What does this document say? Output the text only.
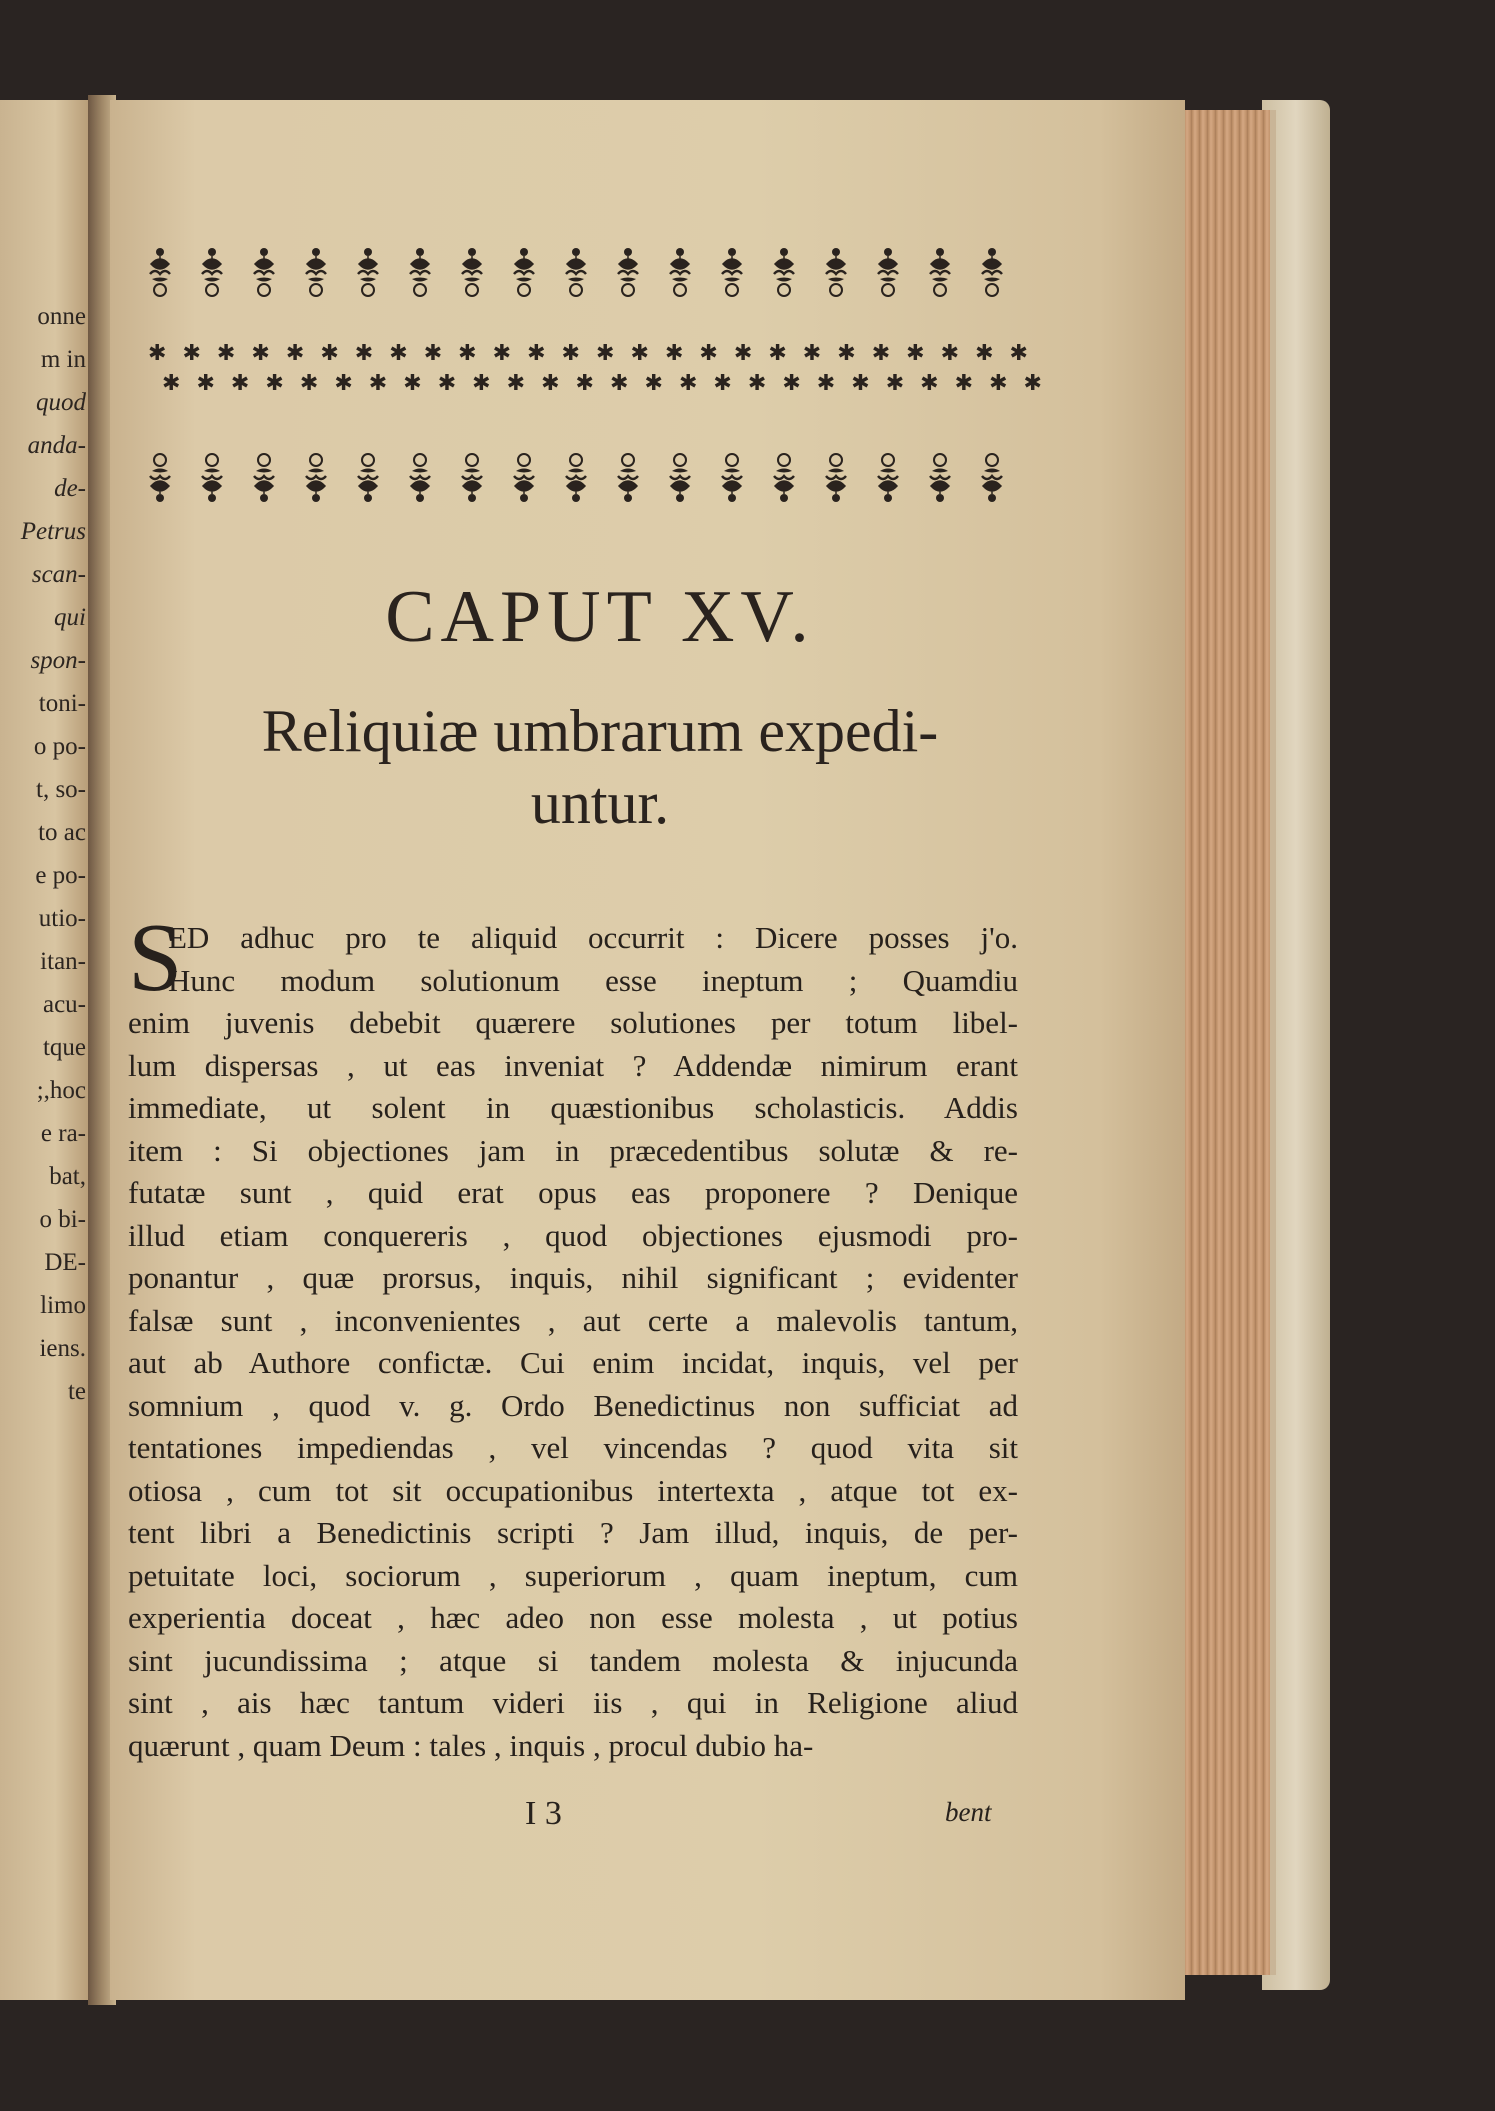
onne
m in
quod
anda-
de-
Petrus
scan-
qui
spon-
toni-
o po-
t, so-
to ac
e po-
utio-
itan-
acu-
tque
;,hoc
e ra-
bat,
o bi-
DE-
limo
iens.
te
✱ ✱ ✱ ✱ ✱ ✱ ✱ ✱ ✱ ✱ ✱ ✱ ✱ ✱ ✱ ✱ ✱ ✱ ✱ ✱ ✱ ✱ ✱ ✱ ✱ ✱
✱ ✱ ✱ ✱ ✱ ✱ ✱ ✱ ✱ ✱ ✱ ✱ ✱ ✱ ✱ ✱ ✱ ✱ ✱ ✱ ✱ ✱ ✱ ✱ ✱ ✱
CAPUT XV.
Reliquiæ umbrarum expedi-
untur.
S
ED adhuc pro te aliquid occurrit : Dicere posses j'o.
Hunc modum solutionum esse ineptum ; Quamdiu
enim juvenis debebit quærere solutiones per totum libel-
lum dispersas , ut eas inveniat ? Addendæ nimirum erant
immediate, ut solent in quæstionibus scholasticis. Addis
item : Si objectiones jam in præcedentibus solutæ & re-
futatæ sunt , quid erat opus eas proponere ? Denique
illud etiam conquereris , quod objectiones ejusmodi pro-
ponantur , quæ prorsus, inquis, nihil significant ; evidenter
falsæ sunt , inconvenientes , aut certe a malevolis tantum,
aut ab Authore confictæ. Cui enim incidat, inquis, vel per
somnium , quod v. g. Ordo Benedictinus non sufficiat ad
tentationes impediendas , vel vincendas ? quod vita sit
otiosa , cum tot sit occupationibus intertexta , atque tot ex-
tent libri a Benedictinis scripti ? Jam illud, inquis, de per-
petuitate loci, sociorum , superiorum , quam ineptum, cum
experientia doceat , hæc adeo non esse molesta , ut potius
sint jucundissima ; atque si tandem molesta & injucunda
sint , ais hæc tantum videri iis , qui in Religione aliud
quærunt , quam Deum : tales , inquis , procul dubio ha-
I 3	bent
